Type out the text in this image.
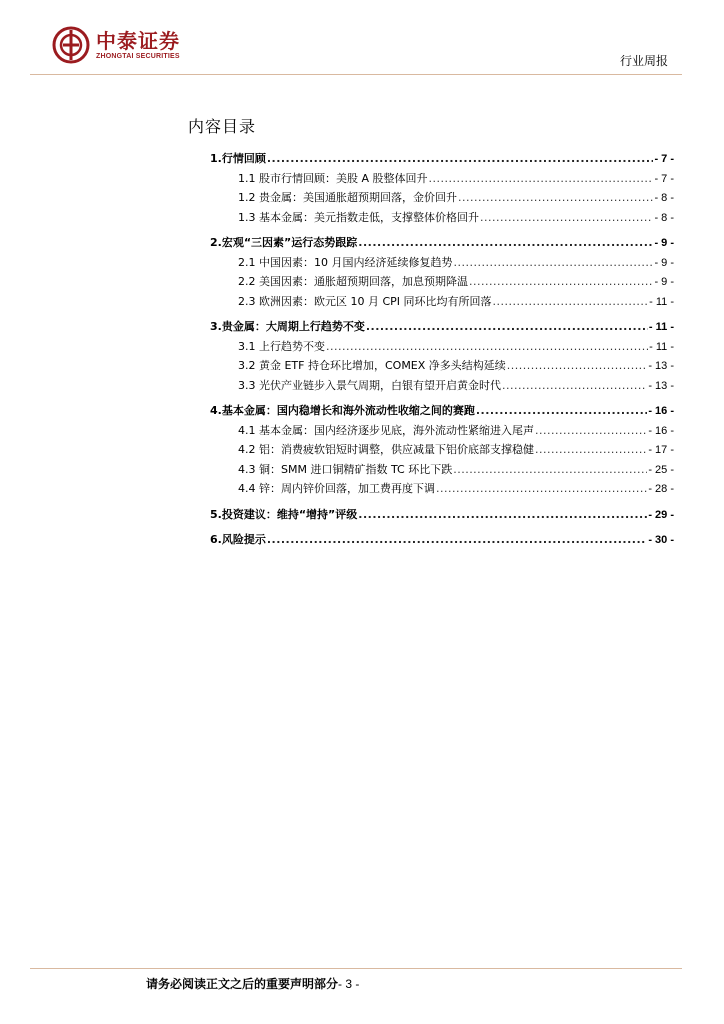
中泰证券
ZHONGTAI SECURITIES	行业周报
内容目录
1.行情回顾 .....	- 7 -
1.1 股市行情回顾：美股 A 股整体回升 .....	- 7 -
1.2 贵金属：美国通胀超预期回落，金价回升 .....	- 8 -
1.3 基本金属：美元指数走低，支撑整体价格回升 .....	- 8 -
2.宏观“三因素”运行态势跟踪 .....	- 9 -
2.1 中国因素：10 月国内经济延续修复趋势 .....	- 9 -
2.2 美国因素：通胀超预期回落，加息预期降温 .....	- 9 -
2.3 欧洲因素：欧元区 10 月 CPI 同环比均有所回落 .....	- 11 -
3.贵金属：大周期上行趋势不变 .....	- 11 -
3.1 上行趋势不变 .....	- 11 -
3.2 黄金 ETF 持仓环比增加，COMEX 净多头结构延续 .....	- 13 -
3.3 光伏产业链步入景气周期，白银有望开启黄金时代 .....	- 13 -
4.基本金属：国内稳增长和海外流动性收缩之间的赛跑 .....	- 16 -
4.1 基本金属：国内经济逐步见底，海外流动性紧缩进入尾声 .....	- 16 -
4.2 铝：消费疲软铝短时调整，供应减量下铝价底部支撑稳健 .....	- 17 -
4.3 铜：SMM 进口铜精矿指数 TC 环比下跌 .....	- 25 -
4.4 锌：周内锌价回落，加工费再度下调 .....	- 28 -
5.投资建议：维持“增持”评级 .....	- 29 -
6.风险提示 .....	- 30 -
请务必阅读正文之后的重要声明部分- 3 -
